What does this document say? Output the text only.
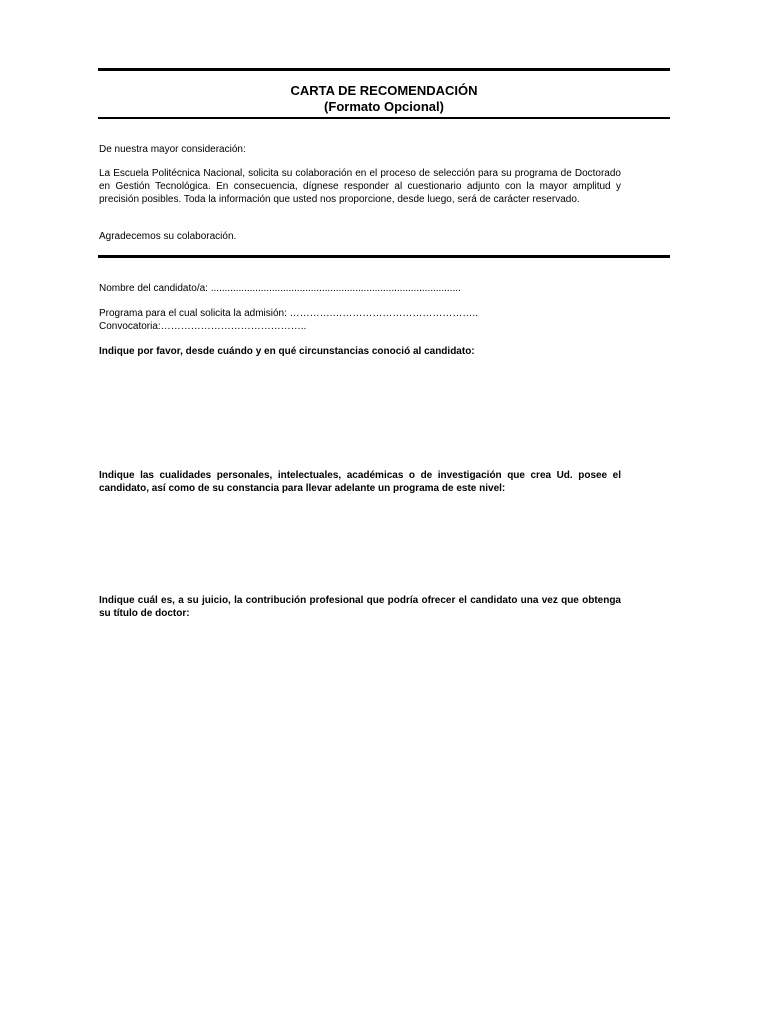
CARTA DE RECOMENDACIÓN
(Formato Opcional)
De nuestra mayor consideración:
La Escuela Politécnica Nacional, solicita su colaboración en el proceso de selección para su programa de Doctorado en Gestión Tecnológica. En consecuencia, dígnese responder al cuestionario adjunto con la mayor amplitud y precisión posibles. Toda la información que usted nos proporcione, desde luego, será de carácter reservado.
Agradecemos su colaboración.
Nombre del candidato/a: ..........................................................................................
Programa para el cual solicita la admisión: ………….……………………………………..
Convocatoria:……………………………………..
Indique por favor, desde cuándo y en qué circunstancias conoció al candidato:
Indique las cualidades personales, intelectuales, académicas o de investigación que crea Ud. posee el candidato, así como de su constancia para llevar adelante un programa de este nivel:
Indique cuál es, a su juicio, la contribución profesional que podría ofrecer el candidato una vez que obtenga su título de doctor:
